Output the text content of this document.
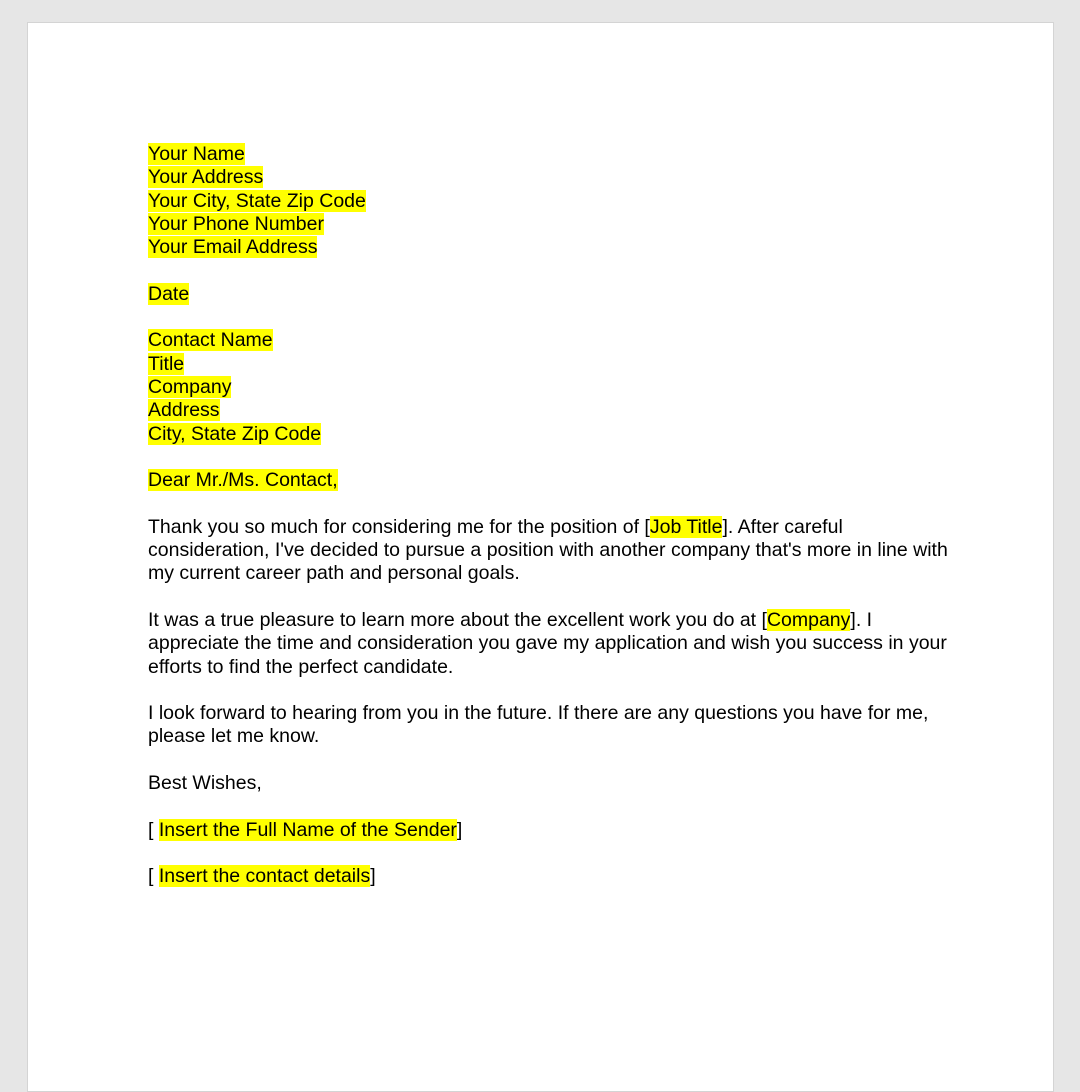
Your Name
Your Address
Your City, State Zip Code
Your Phone Number
Your Email Address
Date
Contact Name
Title
Company
Address
City, State Zip Code
Dear Mr./Ms. Contact,

Thank you so much for considering me for the position of [Job Title]. After careful consideration, I've decided to pursue a position with another company that's more in line with my current career path and personal goals.

It was a true pleasure to learn more about the excellent work you do at [Company]. I appreciate the time and consideration you gave my application and wish you success in your efforts to find the perfect candidate.

I look forward to hearing from you in the future. If there are any questions you have for me, please let me know.

Best Wishes,
[ Insert the Full Name of the Sender]
[ Insert the contact details]
